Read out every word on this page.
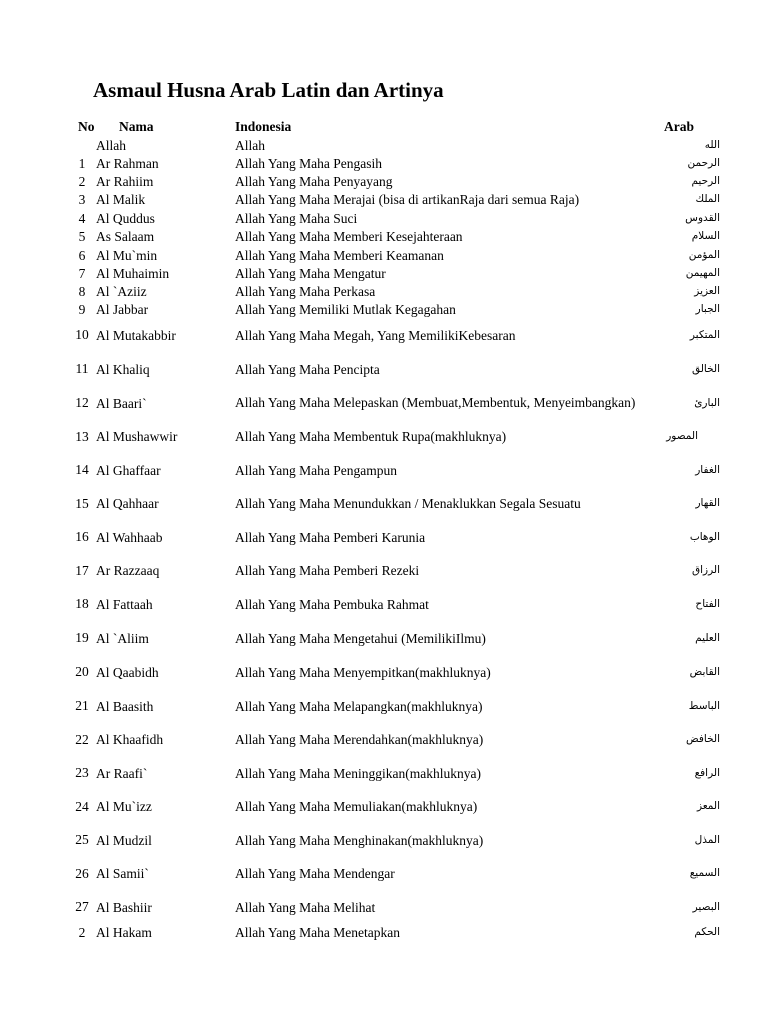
Asmaul Husna Arab Latin dan Artinya
No Nama	Indonesia	Arab
Allah	Allah	الله
1 Ar Rahman	Allah Yang Maha Pengasih	الرحمن
2 Ar Rahiim	Allah Yang Maha Penyayang	الرحيم
3 Al Malik	Allah Yang Maha Merajai (bisa di artikanRaja dari semua Raja)	الملك
4 Al Quddus	Allah Yang Maha Suci	القدوس
5 As Salaam	Allah Yang Maha Memberi Kesejahteraan	السلام
6 Al Mu`min	Allah Yang Maha Memberi Keamanan	المؤمن
7 Al Muhaimin	Allah Yang Maha Mengatur	المهيمن
8 Al `Aziiz	Allah Yang Maha Perkasa	العزيز
9 Al Jabbar	Allah Yang Memiliki Mutlak Kegagahan	الجبار
10 Al Mutakabbir	Allah Yang Maha Megah, Yang MemilikiKebesaran	المتكبر
11 Al Khaliq	Allah Yang Maha Pencipta	الخالق
12 Al Baari`	Allah Yang Maha Melepaskan (Membuat,Membentuk, Menyeimbangkan)	البارئ
13 Al Mushawwir	Allah Yang Maha Membentuk Rupa(makhluknya)	المصور
14 Al Ghaffaar	Allah Yang Maha Pengampun	الغفار
15 Al Qahhaar	Allah Yang Maha Menundukkan / Menaklukkan Segala Sesuatu	القهار
16 Al Wahhaab	Allah Yang Maha Pemberi Karunia	الوهاب
17 Ar Razzaaq	Allah Yang Maha Pemberi Rezeki	الرزاق
18 Al Fattaah	Allah Yang Maha Pembuka Rahmat	الفتاح
19 Al `Aliim	Allah Yang Maha Mengetahui (MemilikiIlmu)	العليم
20 Al Qaabidh	Allah Yang Maha Menyempitkan(makhluknya)	القابض
21 Al Baasith	Allah Yang Maha Melapangkan(makhluknya)	الباسط
22 Al Khaafidh	Allah Yang Maha Merendahkan(makhluknya)	الخافض
23 Ar Raafi`	Allah Yang Maha Meninggikan(makhluknya)	الرافع
24 Al Mu`izz	Allah Yang Maha Memuliakan(makhluknya)	المعز
25 Al Mudzil	Allah Yang Maha Menghinakan(makhluknya)	المذل
26 Al Samii`	Allah Yang Maha Mendengar	السميع
27 Al Bashiir	Allah Yang Maha Melihat	البصير
2 Al Hakam	Allah Yang Maha Menetapkan	الحكم
